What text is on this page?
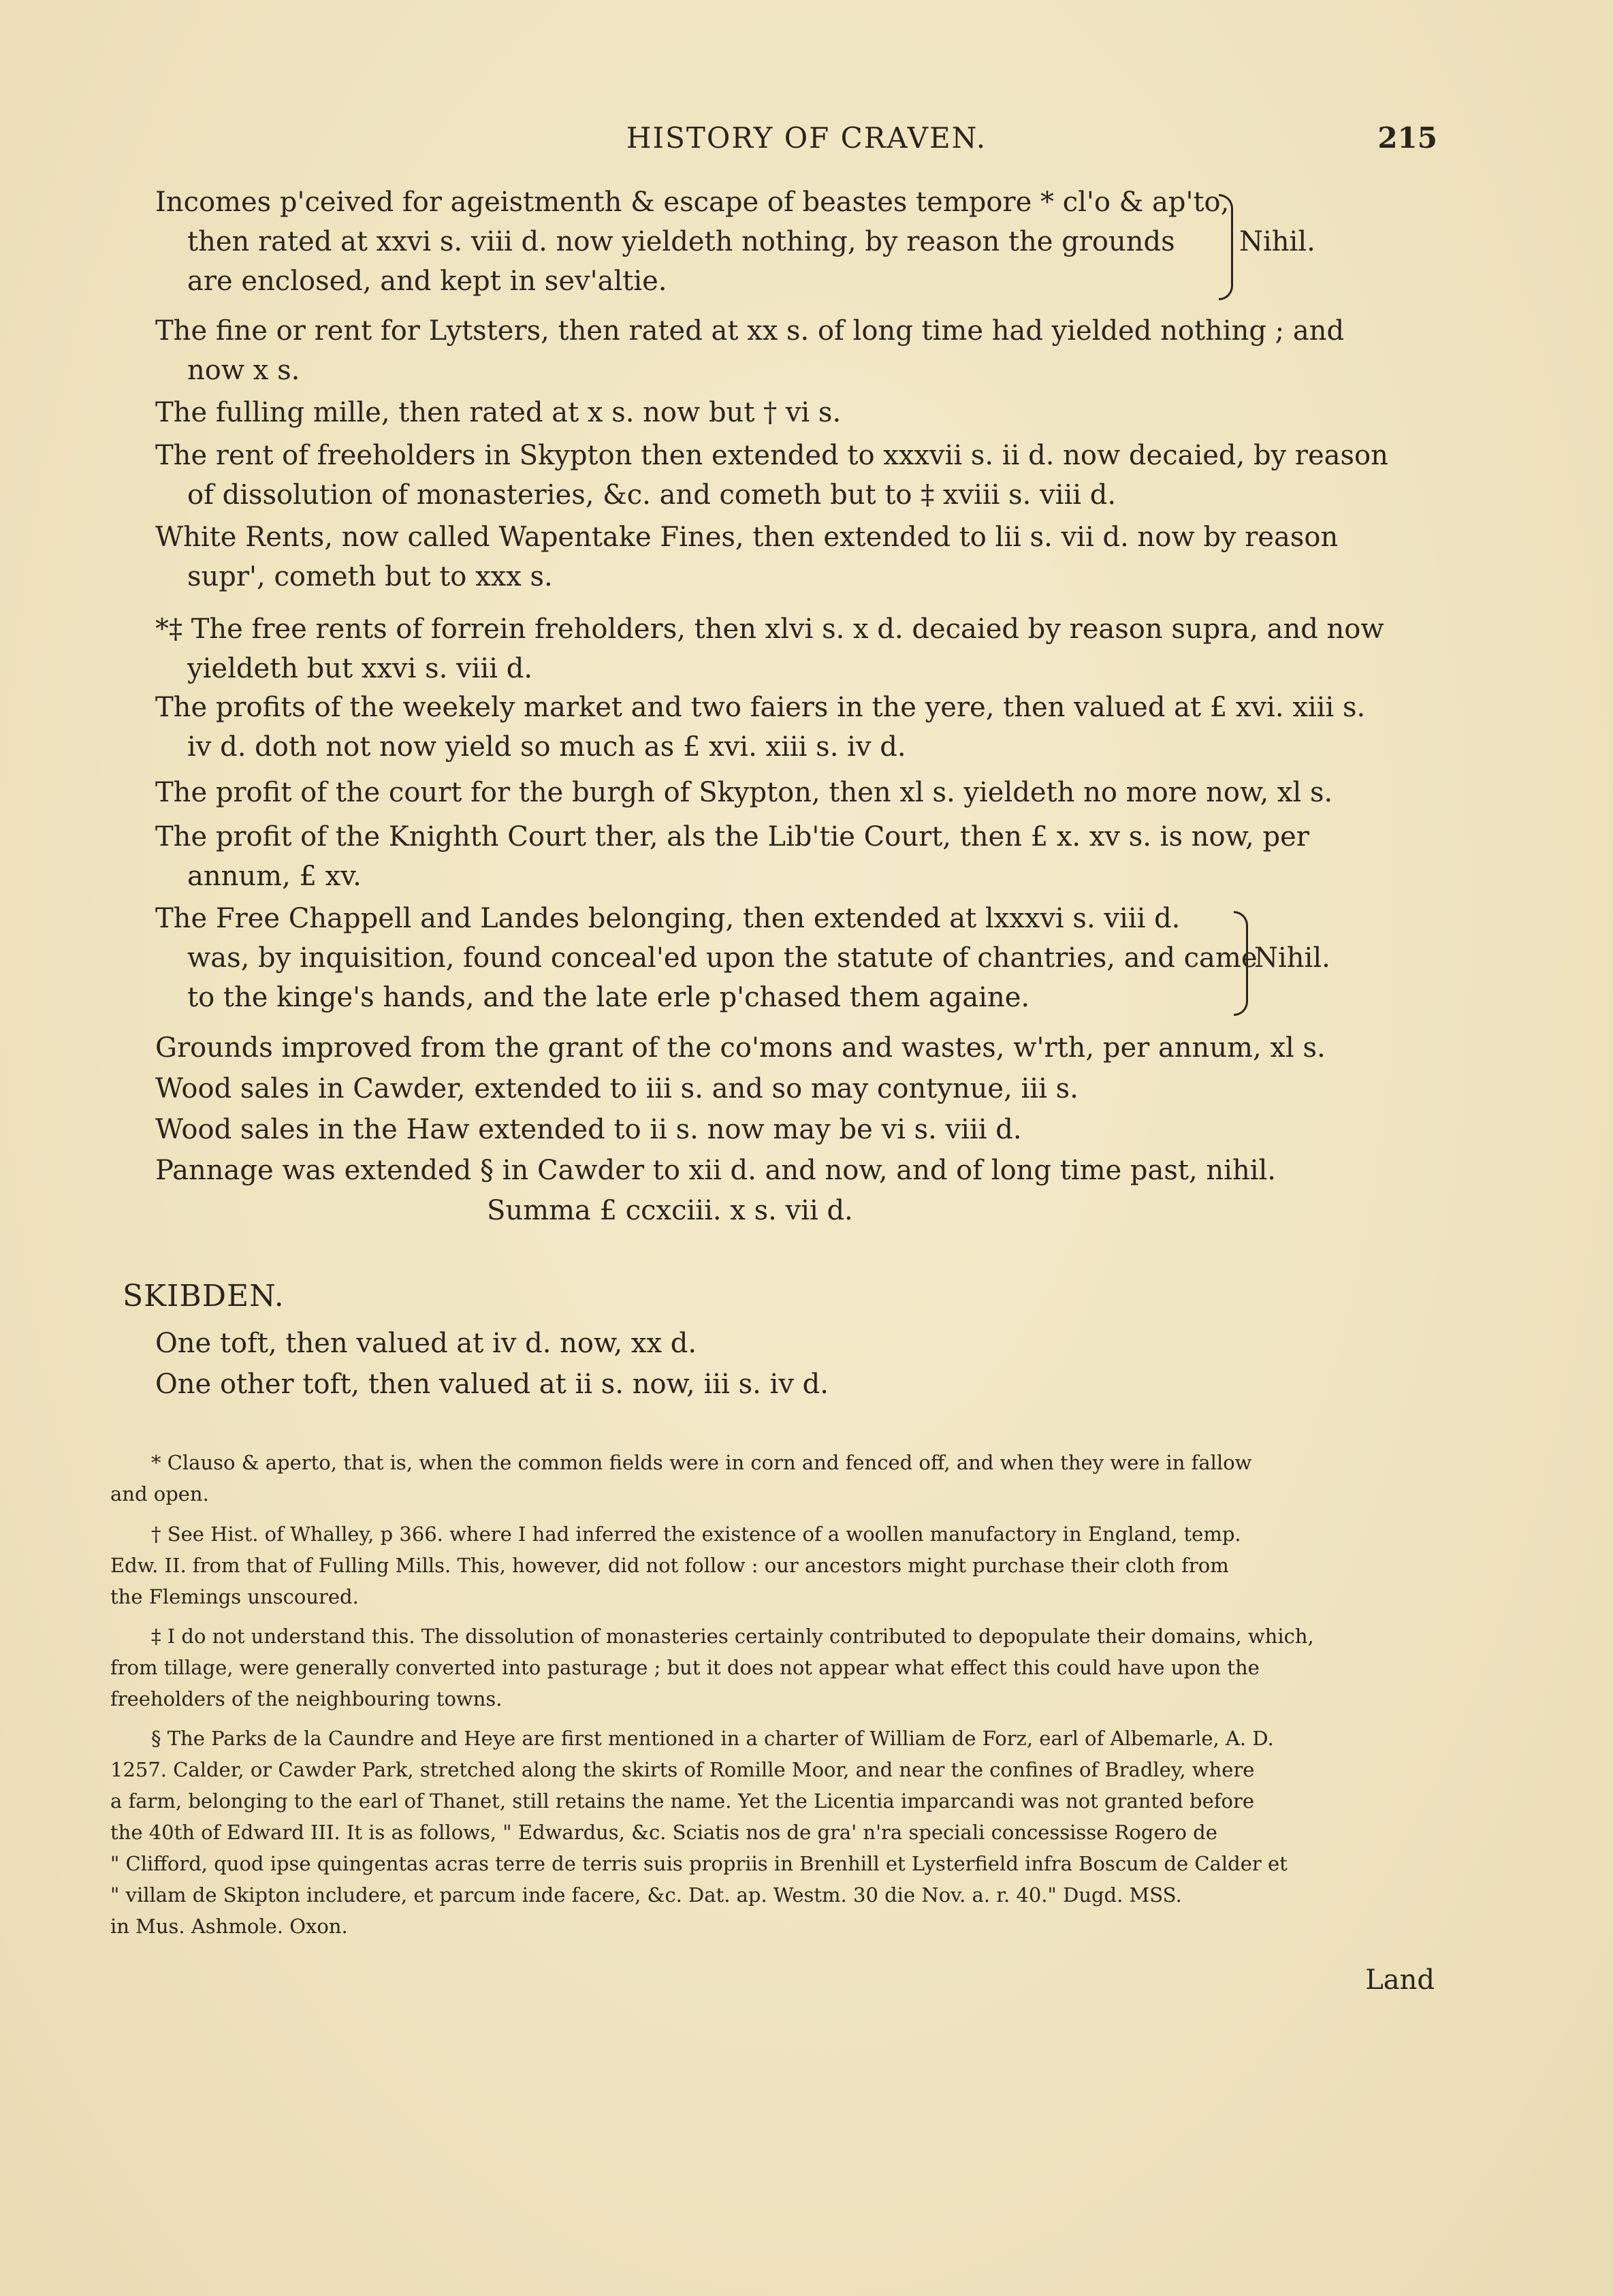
HISTORY OF CRAVEN.	215
Incomes p'ceived for ageistmenth & escape of beastes tempore * cl'o & ap'to,
then rated at xxvi s. viii d. now yieldeth nothing, by reason the grounds
are enclosed, and kept in sev'altie.
Nihil.
The fine or rent for Lytsters, then rated at xx s. of long time had yielded nothing ; and
now x s.
The fulling mille, then rated at x s. now but † vi s.
The rent of freeholders in Skypton then extended to xxxvii s. ii d. now decaied, by reason
of dissolution of monasteries, &c. and cometh but to ‡ xviii s. viii d.
White Rents, now called Wapentake Fines, then extended to lii s. vii d. now by reason
supr', cometh but to xxx s.
*‡ The free rents of forrein freholders, then xlvi s. x d. decaied by reason supra, and now
yieldeth but xxvi s. viii d.
The profits of the weekely market and two faiers in the yere, then valued at £ xvi. xiii s.
iv d. doth not now yield so much as £ xvi. xiii s. iv d.
The profit of the court for the burgh of Skypton, then xl s. yieldeth no more now, xl s.
The profit of the Knighth Court ther, als the Lib'tie Court, then £ x. xv s. is now, per
annum, £ xv.
The Free Chappell and Landes belonging, then extended at lxxxvi s. viii d.
was, by inquisition, found conceal'ed upon the statute of chantries, and came
to the kinge's hands, and the late erle p'chased them againe.
Nihil.
Grounds improved from the grant of the co'mons and wastes, w'rth, per annum, xl s.
Wood sales in Cawder, extended to iii s. and so may contynue, iii s.
Wood sales in the Haw extended to ii s. now may be vi s. viii d.
Pannage was extended § in Cawder to xii d. and now, and of long time past, nihil.
Summa £ ccxciii. x s. vii d.
SKIBDEN.
One toft, then valued at iv d. now, xx d.
One other toft, then valued at ii s. now, iii s. iv d.
* Clauso & aperto, that is, when the common fields were in corn and fenced off, and when they were in fallow
and open.
† See Hist. of Whalley, p 366. where I had inferred the existence of a woollen manufactory in England, temp.
Edw. II. from that of Fulling Mills. This, however, did not follow : our ancestors might purchase their cloth from
the Flemings unscoured.
‡ I do not understand this. The dissolution of monasteries certainly contributed to depopulate their domains, which,
from tillage, were generally converted into pasturage ; but it does not appear what effect this could have upon the
freeholders of the neighbouring towns.
§ The Parks de la Caundre and Heye are first mentioned in a charter of William de Forz, earl of Albemarle, A. D.
1257. Calder, or Cawder Park, stretched along the skirts of Romille Moor, and near the confines of Bradley, where
a farm, belonging to the earl of Thanet, still retains the name. Yet the Licentia imparcandi was not granted before
the 40th of Edward III. It is as follows, " Edwardus, &c. Sciatis nos de gra' n'ra speciali concessisse Rogero de
" Clifford, quod ipse quingentas acras terre de terris suis propriis in Brenhill et Lysterfield infra Boscum de Calder et
" villam de Skipton includere, et parcum inde facere, &c. Dat. ap. Westm. 30 die Nov. a. r. 40." Dugd. MSS.
in Mus. Ashmole. Oxon.
Land
